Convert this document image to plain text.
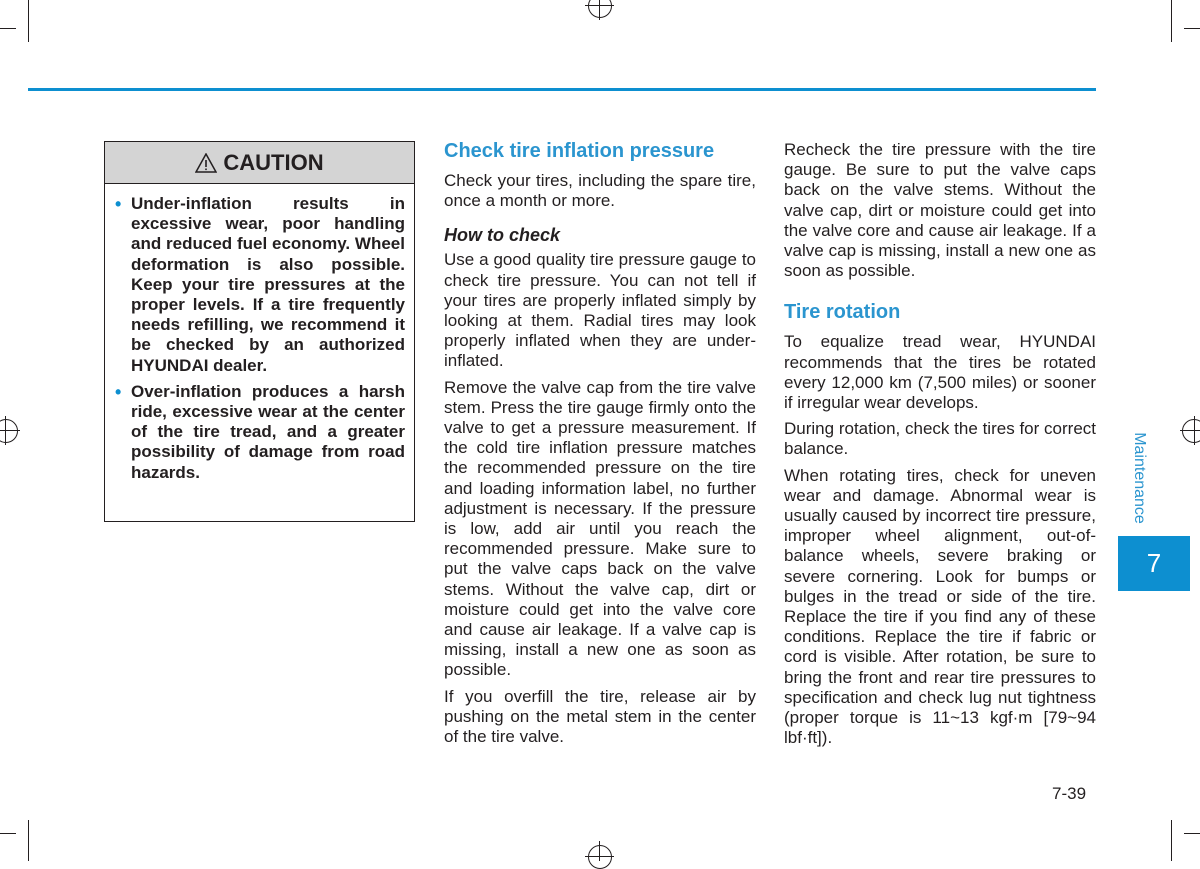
CAUTION
• Under-inflation results in excessive wear, poor handling and reduced fuel economy. Wheel deformation is also possible. Keep your tire pressures at the proper levels. If a tire frequently needs refilling, we recommend it be checked by an authorized HYUNDAI dealer.
• Over-inflation produces a harsh ride, excessive wear at the center of the tire tread, and a greater possibility of damage from road hazards.
Check tire inflation pressure

Check your tires, including the spare tire, once a month or more.

How to check

Use a good quality tire pressure gauge to check tire pressure. You can not tell if your tires are properly inflated simply by looking at them. Radial tires may look properly inflated when they are under-inflated.

Remove the valve cap from the tire valve stem. Press the tire gauge firmly onto the valve to get a pressure measurement. If the cold tire inflation pressure matches the recommended pressure on the tire and loading information label, no further adjustment is necessary. If the pressure is low, add air until you reach the recommended pressure. Make sure to put the valve caps back on the valve stems. Without the valve cap, dirt or moisture could get into the valve core and cause air leakage. If a valve cap is missing, install a new one as soon as possible.

If you overfill the tire, release air by pushing on the metal stem in the center of the tire valve.

Recheck the tire pressure with the tire gauge. Be sure to put the valve caps back on the valve stems. Without the valve cap, dirt or moisture could get into the valve core and cause air leakage. If a valve cap is missing, install a new one as soon as possible.

Tire rotation

To equalize tread wear, HYUNDAI recommends that the tires be rotated every 12,000 km (7,500 miles) or sooner if irregular wear develops.

During rotation, check the tires for correct balance.

When rotating tires, check for uneven wear and damage. Abnormal wear is usually caused by incorrect tire pressure, improper wheel alignment, out-of-balance wheels, severe braking or severe cornering. Look for bumps or bulges in the tread or side of the tire. Replace the tire if you find any of these conditions. Replace the tire if fabric or cord is visible. After rotation, be sure to bring the front and rear tire pressures to specification and check lug nut tightness (proper torque is 11~13 kgf·m [79~94 lbf·ft]).

Maintenance
7
7-39
